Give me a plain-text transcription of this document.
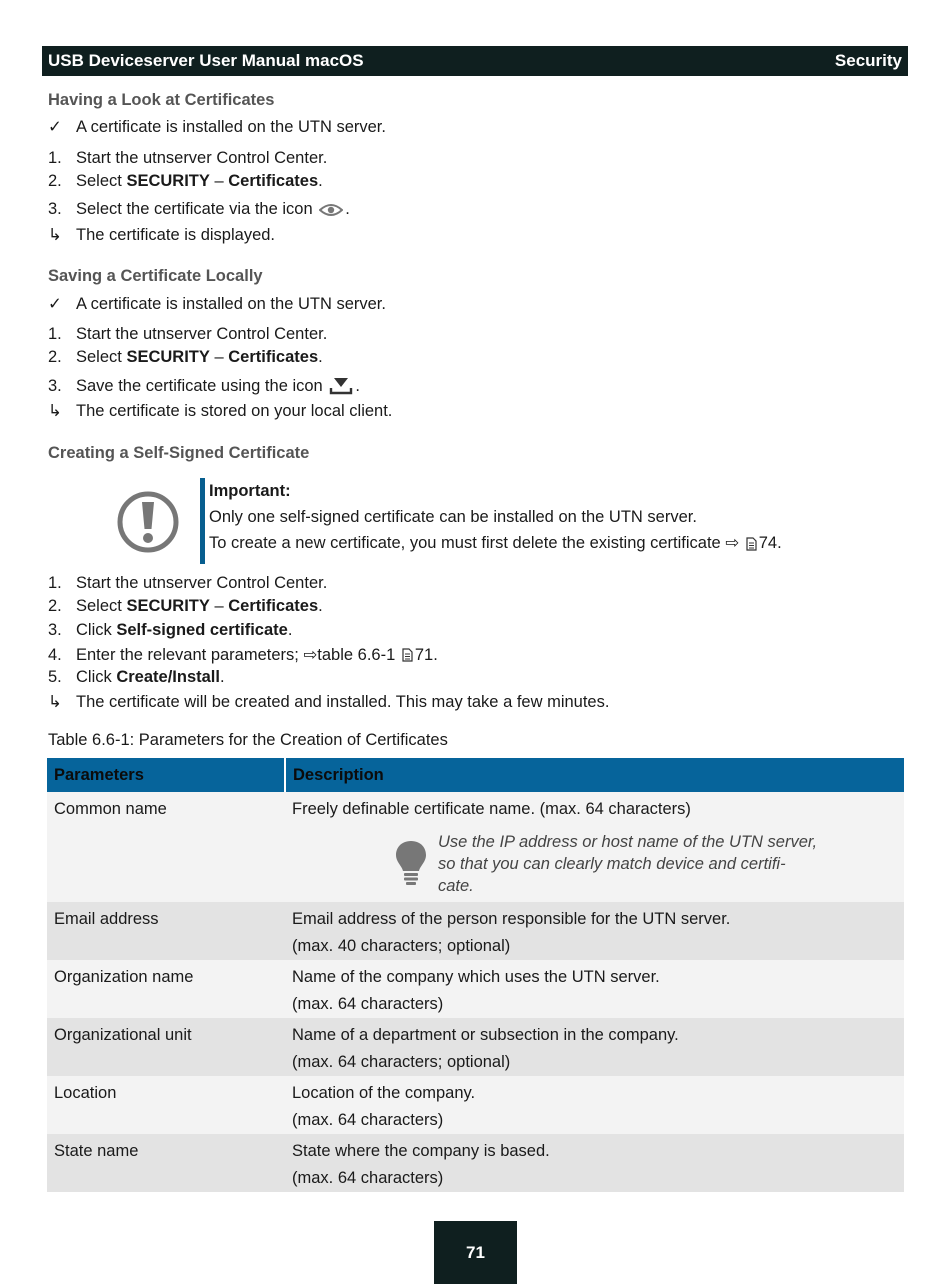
USB Deviceserver User Manual macOS	Security
Having a Look at Certificates
✓ A certificate is installed on the UTN server.
1. Start the utnserver Control Center.
2. Select SECURITY – Certificates .
3. Select the certificate via the icon .
↳ The certificate is displayed.
Saving a Certificate Locally
✓ A certificate is installed on the UTN server.
1. Start the utnserver Control Center.
2. Select SECURITY – Certificates .
3. Save the certificate using the icon .
↳ The certificate is stored on your local client.
Creating a Self-Signed Certificate
Important:
Only one self-signed certificate can be installed on the UTN server.
To create a new certificate, you must first delete the existing certificate ⇨ 74.
1. Start the utnserver Control Center.
2. Select SECURITY – Certificates .
3. Click Self-signed certificate .
4. Enter the relevant parameters; ⇨ table 6.6-1 71.
5. Click Create/Install .
↳ The certificate will be created and installed. This may take a few minutes.
Table 6.6-1: Parameters for the Creation of Certificates
Parameters	Description
Common name	Freely definable certificate name. (max. 64 characters)
Use the IP address or host name of the UTN server, so that you can clearly match device and certifi-cate.

Email address	Email address of the person responsible for the UTN server.
(max. 40 characters; optional)

Organization name	Name of the company which uses the UTN server.
(max. 64 characters)

Organizational unit	Name of a department or subsection in the company.
(max. 64 characters; optional)

Location	Location of the company.
(max. 64 characters)

State name	State where the company is based.
(max. 64 characters)
71
